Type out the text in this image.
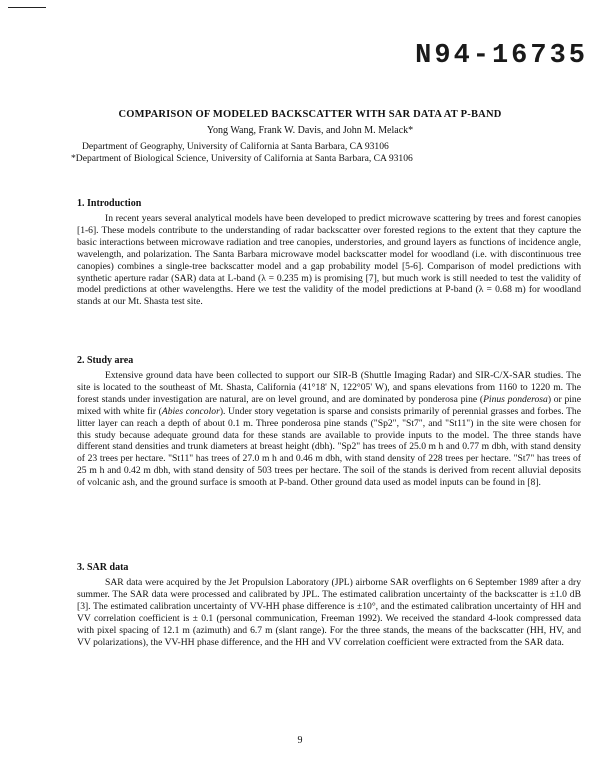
N94-16735
COMPARISON OF MODELED BACKSCATTER WITH SAR DATA AT P-BAND
Yong Wang, Frank W. Davis, and John M. Melack*
Department of Geography, University of California at Santa Barbara, CA 93106
*Department of Biological Science, University of California at Santa Barbara, CA 93106
1. Introduction
In recent years several analytical models have been developed to predict microwave scattering by trees and forest canopies [1-6]. These models contribute to the understanding of radar backscatter over forested regions to the extent that they capture the basic interactions between microwave radiation and tree canopies, understories, and ground layers as functions of incidence angle, wavelength, and polarization. The Santa Barbara microwave model backscatter model for woodland (i.e. with discontinuous tree canopies) combines a single-tree backscatter model and a gap probability model [5-6]. Comparison of model predictions with synthetic aperture radar (SAR) data at L-band (λ = 0.235 m) is promising [7], but much work is still needed to test the validity of model predictions at other wavelengths. Here we test the validity of the model predictions at P-band (λ = 0.68 m) for woodland stands at our Mt. Shasta test site.
2. Study area
Extensive ground data have been collected to support our SIR-B (Shuttle Imaging Radar) and SIR-C/X-SAR studies. The site is located to the southeast of Mt. Shasta, California (41°18' N, 122°05' W), and spans elevations from 1160 to 1220 m. The forest stands under investigation are natural, are on level ground, and are dominated by ponderosa pine (Pinus ponderosa) or pine mixed with white fir (Abies concolor). Under story vegetation is sparse and consists primarily of perennial grasses and forbes. The litter layer can reach a depth of about 0.1 m. Three ponderosa pine stands ("Sp2", "St7", and "St11") in the site were chosen for this study because adequate ground data for these stands are available to provide inputs to the model. The three stands have different stand densities and trunk diameters at breast height (dbh). "Sp2" has trees of 25.0 m h and 0.77 m dbh, with stand density of 23 trees per hectare. "St11" has trees of 27.0 m h and 0.46 m dbh, with stand density of 228 trees per hectare. "St7" has trees of 25 m h and 0.42 m dbh, with stand density of 503 trees per hectare. The soil of the stands is derived from recent alluvial deposits of volcanic ash, and the ground surface is smooth at P-band. Other ground data used as model inputs can be found in [8].
3. SAR data
SAR data were acquired by the Jet Propulsion Laboratory (JPL) airborne SAR overflights on 6 September 1989 after a dry summer. The SAR data were processed and calibrated by JPL. The estimated calibration uncertainty of the backscatter is ±1.0 dB [3]. The estimated calibration uncertainty of VV-HH phase difference is ±10°, and the estimated calibration uncertainty of HH and VV correlation coefficient is ± 0.1 (personal communication, Freeman 1992). We received the standard 4-look compressed data with pixel spacing of 12.1 m (azimuth) and 6.7 m (slant range). For the three stands, the means of the backscatter (HH, HV, and VV polarizations), the VV-HH phase difference, and the HH and VV correlation coefficient were extracted from the SAR data.
9
